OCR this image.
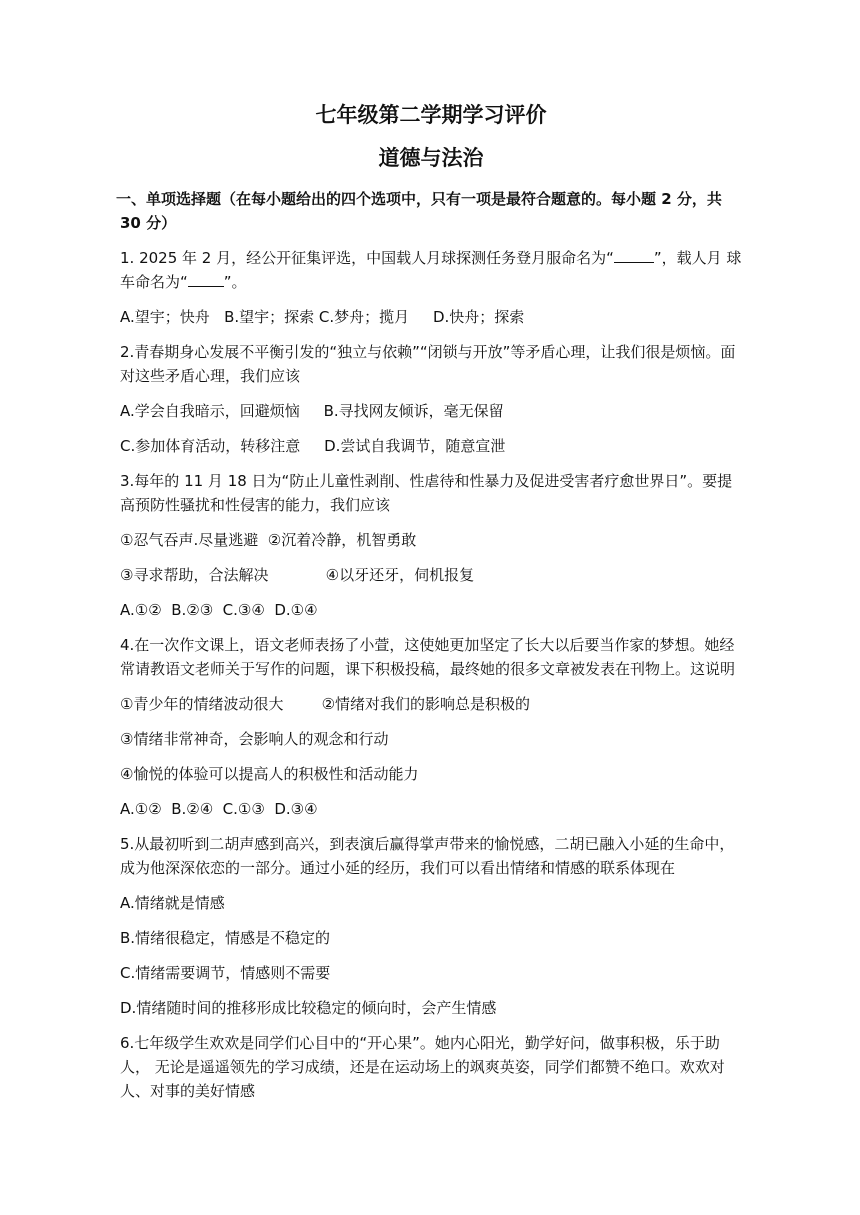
七年级第二学期学习评价
道德与法治
一、单项选择题（在每小题给出的四个选项中，只有一项是最符合题意的。每小题 2 分，共 30 分）

1. 2025 年 2 月，经公开征集评选，中国载人月球探测任务登月服命名为“	”，载人月 球车命名为“ ”。

A.望宇；快舟   B.望宇；探索 C.梦舟；揽月     D.快舟；探索

2.青春期身心发展不平衡引发的“独立与依赖”“闭锁与开放”等矛盾心理，让我们很是烦恼。面 对这些矛盾心理，我们应该

A.学会自我暗示，回避烦恼     B.寻找网友倾诉，毫无保留

C.参加体育活动，转移注意     D.尝试自我调节，随意宣泄

3.每年的 11 月 18 日为“防止儿童性剥削、性虐待和性暴力及促进受害者疗愈世界日”。要提高预防性骚扰和性侵害的能力，我们应该

①忍气吞声.尽量逃避  ②沉着冷静，机智勇敢

③寻求帮助，合法解决            ④以牙还牙，伺机报复

A.①②  B.②③  C.③④  D.①④

4.在一次作文课上，语文老师表扬了小萱，这使她更加坚定了长大以后要当作家的梦想。她经 常请教语文老师关于写作的问题，课下积极投稿，最终她的很多文章被发表在刊物上。这说明

①青少年的情绪波动很大        ②情绪对我们的影响总是积极的

③情绪非常神奇，会影响人的观念和行动

④愉悦的体验可以提高人的积极性和活动能力

A.①②  B.②④  C.①③  D.③④

5.从最初听到二胡声感到高兴，到表演后赢得掌声带来的愉悦感，二胡已融入小延的生命中，成为他深深依恋的一部分。通过小延的经历，我们可以看出情绪和情感的联系体现在

A.情绪就是情感

B.情绪很稳定，情感是不稳定的

C.情绪需要调节，情感则不需要

D.情绪随时间的推移形成比较稳定的倾向时，会产生情感

6.七年级学生欢欢是同学们心目中的“开心果”。她内心阳光，勤学好问，做事积极，乐于助人， 无论是遥遥领先的学习成绩，还是在运动场上的飒爽英姿，同学们都赞不绝口。欢欢对人、对事的美好情感
